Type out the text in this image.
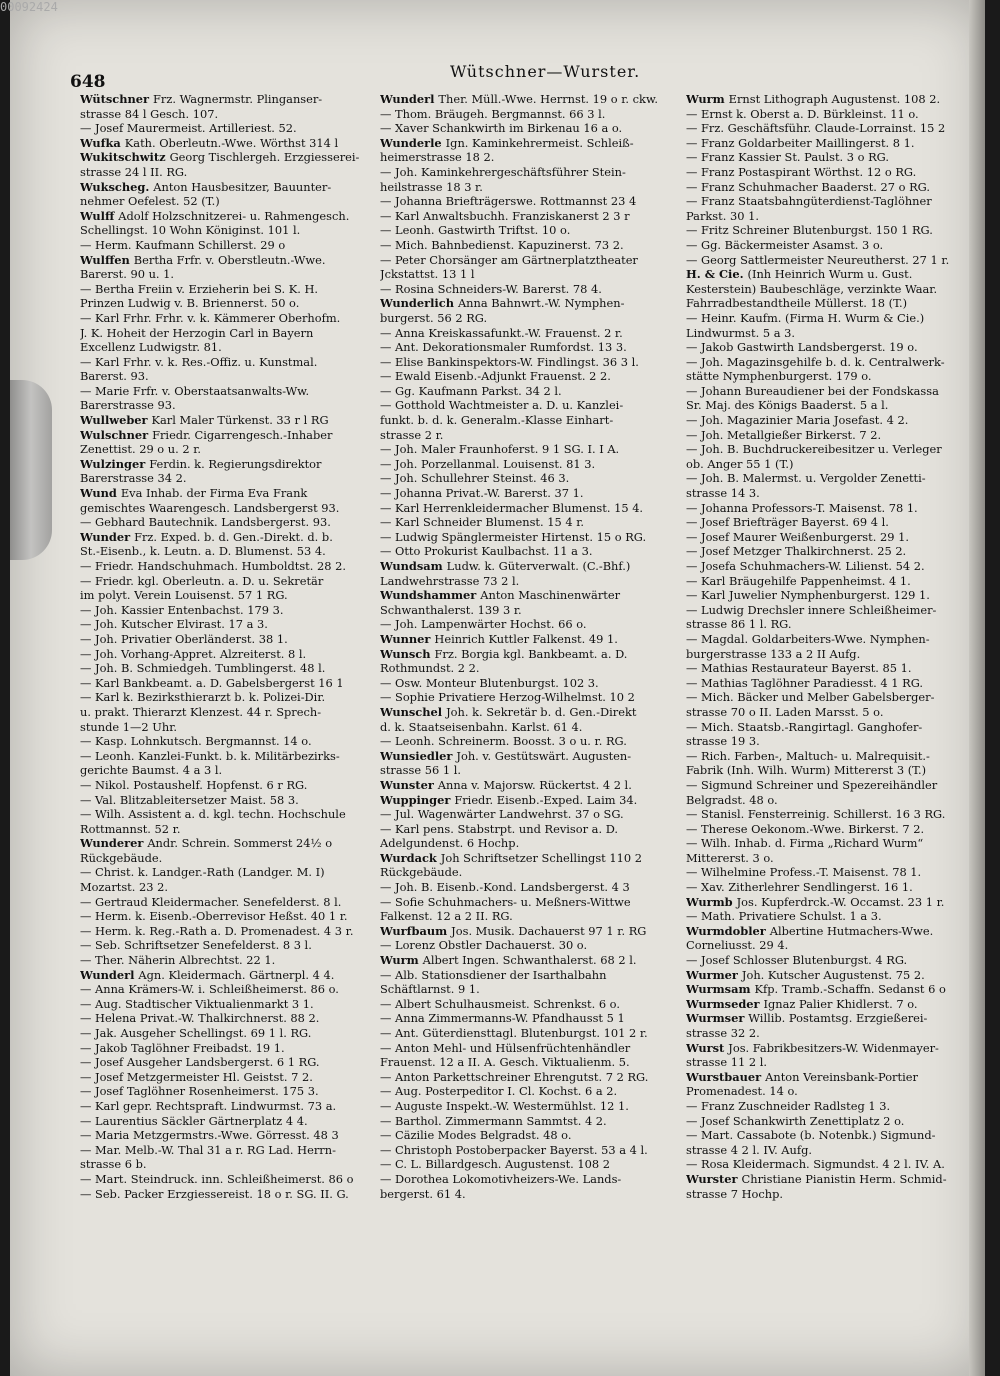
648
Wütschner—Wurster.
Wütschner Frz. Wagnermstr. Plinganser-
strasse 84 l Gesch. 107.
— Josef Maurermeist. Artilleriest. 52.
Wufka Kath. Oberleutn.-Wwe. Wörthst 314 l
Wukitschwitz Georg Tischlergeh. Erzgiesserei-
strasse 24 l II. RG.
Wukscheg. Anton Hausbesitzer, Bauunter-
nehmer Oefelest. 52 (T.)
Wulff Adolf Holzschnitzerei- u. Rahmengesch.
Schellingst. 10 Wohn Königinst. 101 l.
— Herm. Kaufmann Schillerst. 29 o
Wulffen Bertha Frfr. v. Oberstleutn.-Wwe.
Barerst. 90 u. 1.
— Bertha Freiin v. Erzieherin bei S. K. H.
Prinzen Ludwig v. B. Briennerst. 50 o.
— Karl Frhr. Frhr. v. k. Kämmerer Oberhofm.
J. K. Hoheit der Herzogin Carl in Bayern
Excellenz Ludwigstr. 81.
— Karl Frhr. v. k. Res.-Offiz. u. Kunstmal.
Barerst. 93.
— Marie Frfr. v. Oberstaatsanwalts-Ww.
Barerstrasse 93.
Wullweber Karl Maler Türkenst. 33 r l RG
Wulschner Friedr. Cigarrengesch.-Inhaber
Zenettist. 29 o u. 2 r.
Wulzinger Ferdin. k. Regierungsdirektor
Barerstrasse 34 2.
Wund Eva Inhab. der Firma Eva Frank
gemischtes Waarengesch. Landsbergerst 93.
— Gebhard Bautechnik. Landsbergerst. 93.
Wunder Frz. Exped. b. d. Gen.-Direkt. d. b.
St.-Eisenb., k. Leutn. a. D. Blumenst. 53 4.
— Friedr. Handschuhmach. Humboldtst. 28 2.
— Friedr. kgl. Oberleutn. a. D. u. Sekretär
im polyt. Verein Louisenst. 57 1 RG.
— Joh. Kassier Entenbachst. 179 3.
— Joh. Kutscher Elvirast. 17 a 3.
— Joh. Privatier Oberländerst. 38 1.
— Joh. Vorhang-Appret. Alzreiterst. 8 l.
— Joh. B. Schmiedgeh. Tumblingerst. 48 l.
— Karl Bankbeamt. a. D. Gabelsbergerst 16 1
— Karl k. Bezirksthierarzt b. k. Polizei-Dir.
u. prakt. Thierarzt Klenzest. 44 r. Sprech-
stunde 1—2 Uhr.
— Kasp. Lohnkutsch. Bergmannst. 14 o.
— Leonh. Kanzlei-Funkt. b. k. Militärbezirks-
gerichte Baumst. 4 a 3 l.
— Nikol. Postaushelf. Hopfenst. 6 r RG.
— Val. Blitzableitersetzer Maist. 58 3.
— Wilh. Assistent a. d. kgl. techn. Hochschule
Rottmannst. 52 r.
Wunderer Andr. Schrein. Sommerst 24½ o
Rückgebäude.
— Christ. k. Landger.-Rath (Landger. M. I)
Mozartst. 23 2.
— Gertraud Kleidermacher. Senefelderst. 8 l.
— Herm. k. Eisenb.-Oberrevisor Heßst. 40 1 r.
— Herm. k. Reg.-Rath a. D. Promenadest. 4 3 r.
— Seb. Schriftsetzer Senefelderst. 8 3 l.
— Ther. Näherin Albrechtst. 22 1.
Wunderl Agn. Kleidermach. Gärtnerpl. 4 4.
— Anna Krämers-W. i. Schleißheimerst. 86 o.
— Aug. Stadtischer Viktualienmarkt 3 1.
— Helena Privat.-W. Thalkirchnerst. 88 2.
— Jak. Ausgeher Schellingst. 69 1 l. RG.
— Jakob Taglöhner Freibadst. 19 1.
— Josef Ausgeher Landsbergerst. 6 1 RG.
— Josef Metzgermeister Hl. Geistst. 7 2.
— Josef Taglöhner Rosenheimerst. 175 3.
— Karl gepr. Rechtspraft. Lindwurmst. 73 a.
— Laurentius Säckler Gärtnerplatz 4 4.
— Maria Metzgermstrs.-Wwe. Görresst. 48 3
— Mar. Melb.-W. Thal 31 a r. RG Lad. Herrn-
strasse 6 b.
— Mart. Steindruck. inn. Schleißheimerst. 86 o
— Seb. Packer Erzgiessereist. 18 o r. SG. II. G.
Wunderl Ther. Müll.-Wwe. Herrnst. 19 o r. ckw.
— Thom. Bräugeh. Bergmannst. 66 3 l.
— Xaver Schankwirth im Birkenau 16 a o.
Wunderle Ign. Kaminkehrermeist. Schleiß-
heimerstrasse 18 2.
— Joh. Kaminkehrergeschäftsführer Stein-
heilstrasse 18 3 r.
— Johanna Briefträgerswe. Rottmannst 23 4
— Karl Anwaltsbuchh. Franziskanerst 2 3 r
— Leonh. Gastwirth Triftst. 10 o.
— Mich. Bahnbedienst. Kapuzinerst. 73 2.
— Peter Chorsänger am Gärtnerplatztheater
Jckstattst. 13 1 l
— Rosina Schneiders-W. Barerst. 78 4.
Wunderlich Anna Bahnwrt.-W. Nymphen-
burgerst. 56 2 RG.
— Anna Kreiskassafunkt.-W. Frauenst. 2 r.
— Ant. Dekorationsmaler Rumfordst. 13 3.
— Elise Bankinspektors-W. Findlingst. 36 3 l.
— Ewald Eisenb.-Adjunkt Frauenst. 2 2.
— Gg. Kaufmann Parkst. 34 2 l.
— Gotthold Wachtmeister a. D. u. Kanzlei-
funkt. b. d. k. Generalm.-Klasse Einhart-
strasse 2 r.
— Joh. Maler Fraunhoferst. 9 1 SG. I. I A.
— Joh. Porzellanmal. Louisenst. 81 3.
— Joh. Schullehrer Steinst. 46 3.
— Johanna Privat.-W. Barerst. 37 1.
— Karl Herrenkleidermacher Blumenst. 15 4.
— Karl Schneider Blumenst. 15 4 r.
— Ludwig Spänglermeister Hirtenst. 15 o RG.
— Otto Prokurist Kaulbachst. 11 a 3.
Wundsam Ludw. k. Güterverwalt. (C.-Bhf.)
Landwehrstrasse 73 2 l.
Wundshammer Anton Maschinenwärter
Schwanthalerst. 139 3 r.
— Joh. Lampenwärter Hochst. 66 o.
Wunner Heinrich Kuttler Falkenst. 49 1.
Wunsch Frz. Borgia kgl. Bankbeamt. a. D.
Rothmundst. 2 2.
— Osw. Monteur Blutenburgst. 102 3.
— Sophie Privatiere Herzog-Wilhelmst. 10 2
Wunschel Joh. k. Sekretär b. d. Gen.-Direkt
d. k. Staatseisenbahn. Karlst. 61 4.
— Leonh. Schreinerm. Boosst. 3 o u. r. RG.
Wunsiedler Joh. v. Gestütswärt. Augusten-
strasse 56 1 l.
Wunster Anna v. Majorsw. Rückertst. 4 2 l.
Wuppinger Friedr. Eisenb.-Exped. Laim 34.
— Jul. Wagenwärter Landwehrst. 37 o SG.
— Karl pens. Stabstrpt. und Revisor a. D.
Adelgundenst. 6 Hochp.
Wurdack Joh Schriftsetzer Schellingst 110 2
Rückgebäude.
— Joh. B. Eisenb.-Kond. Landsbergerst. 4 3
— Sofie Schuhmachers- u. Meßners-Wittwe
Falkenst. 12 a 2 II. RG.
Wurfbaum Jos. Musik. Dachauerst 97 1 r. RG
— Lorenz Obstler Dachauerst. 30 o.
Wurm Albert Ingen. Schwanthalerst. 68 2 l.
— Alb. Stationsdiener der Isarthalbahn
Schäftlarnst. 9 1.
— Albert Schulhausmeist. Schrenkst. 6 o.
— Anna Zimmermanns-W. Pfandhausst 5 1
— Ant. Güterdiensttagl. Blutenburgst. 101 2 r.
— Anton Mehl- und Hülsenfrüchtenhändler
Frauenst. 12 a II. A. Gesch. Viktualienm. 5.
— Anton Parkettschreiner Ehrengutst. 7 2 RG.
— Aug. Posterpeditor I. Cl. Kochst. 6 a 2.
— Auguste Inspekt.-W. Westermühlst. 12 1.
— Barthol. Zimmermann Sammtst. 4 2.
— Cäzilie Modes Belgradst. 48 o.
— Christoph Postoberpacker Bayerst. 53 a 4 l.
— C. L. Billardgesch. Augustenst. 108 2
— Dorothea Lokomotivheizers-We. Lands-
bergerst. 61 4.
Wurm Ernst Lithograph Augustenst. 108 2.
— Ernst k. Oberst a. D. Bürkleinst. 11 o.
— Frz. Geschäftsführ. Claude-Lorrainst. 15 2
— Franz Goldarbeiter Maillingerst. 8 1.
— Franz Kassier St. Paulst. 3 o RG.
— Franz Postaspirant Wörthst. 12 o RG.
— Franz Schuhmacher Baaderst. 27 o RG.
— Franz Staatsbahngüterdienst-Taglöhner
Parkst. 30 1.
— Fritz Schreiner Blutenburgst. 150 1 RG.
— Gg. Bäckermeister Asamst. 3 o.
— Georg Sattlermeister Neureutherst. 27 1 r.
H. & Cie. (Inh Heinrich Wurm u. Gust.
Kesterstein) Baubeschläge, verzinkte Waar.
Fahrradbestandtheile Müllerst. 18 (T.)
— Heinr. Kaufm. (Firma H. Wurm & Cie.)
Lindwurmst. 5 a 3.
— Jakob Gastwirth Landsbergerst. 19 o.
— Joh. Magazinsgehilfe b. d. k. Centralwerk-
stätte Nymphenburgerst. 179 o.
— Johann Bureaudiener bei der Fondskassa
Sr. Maj. des Königs Baaderst. 5 a l.
— Joh. Magazinier Maria Josefast. 4 2.
— Joh. Metallgießer Birkerst. 7 2.
— Joh. B. Buchdruckereibesitzer u. Verleger
ob. Anger 55 1 (T.)
— Joh. B. Malermst. u. Vergolder Zenetti-
strasse 14 3.
— Johanna Professors-T. Maisenst. 78 1.
— Josef Briefträger Bayerst. 69 4 l.
— Josef Maurer Weißenburgerst. 29 1.
— Josef Metzger Thalkirchnerst. 25 2.
— Josefa Schuhmachers-W. Lilienst. 54 2.
— Karl Bräugehilfe Pappenheimst. 4 1.
— Karl Juwelier Nymphenburgerst. 129 1.
— Ludwig Drechsler innere Schleißheimer-
strasse 86 1 l. RG.
— Magdal. Goldarbeiters-Wwe. Nymphen-
burgerstrasse 133 a 2 II Aufg.
— Mathias Restaurateur Bayerst. 85 1.
— Mathias Taglöhner Paradiesst. 4 1 RG.
— Mich. Bäcker und Melber Gabelsberger-
strasse 70 o II. Laden Marsst. 5 o.
— Mich. Staatsb.-Rangirtagl. Ganghofer-
strasse 19 3.
— Rich. Farben-, Maltuch- u. Malrequisit.-
Fabrik (Inh. Wilh. Wurm) Mittererst 3 (T.)
— Sigmund Schreiner und Spezereihändler
Belgradst. 48 o.
— Stanisl. Fensterreinig. Schillerst. 16 3 RG.
— Therese Oekonom.-Wwe. Birkerst. 7 2.
— Wilh. Inhab. d. Firma „Richard Wurm“
Mittererst. 3 o.
— Wilhelmine Profess.-T. Maisenst. 78 1.
— Xav. Zitherlehrer Sendlingerst. 16 1.
Wurmb Jos. Kupferdrck.-W. Occamst. 23 1 r.
— Math. Privatiere Schulst. 1 a 3.
Wurmdobler Albertine Hutmachers-Wwe.
Corneliusst. 29 4.
— Josef Schlosser Blutenburgst. 4 RG.
Wurmer Joh. Kutscher Augustenst. 75 2.
Wurmsam Kfp. Tramb.-Schaffn. Sedanst 6 o
Wurmseder Ignaz Palier Khidlerst. 7 o.
Wurmser Willib. Postamtsg. Erzgießerei-
strasse 32 2.
Wurst Jos. Fabrikbesitzers-W. Widenmayer-
strasse 11 2 l.
Wurstbauer Anton Vereinsbank-Portier
Promenadest. 14 o.
— Franz Zuschneider Radlsteg 1 3.
— Josef Schankwirth Zenettiplatz 2 o.
— Mart. Cassabote (b. Notenbk.) Sigmund-
strasse 4 2 l. IV. Aufg.
— Rosa Kleidermach. Sigmundst. 4 2 l. IV. A.
Wurster Christiane Pianistin Herm. Schmid-
strasse 7 Hochp.
00092424
